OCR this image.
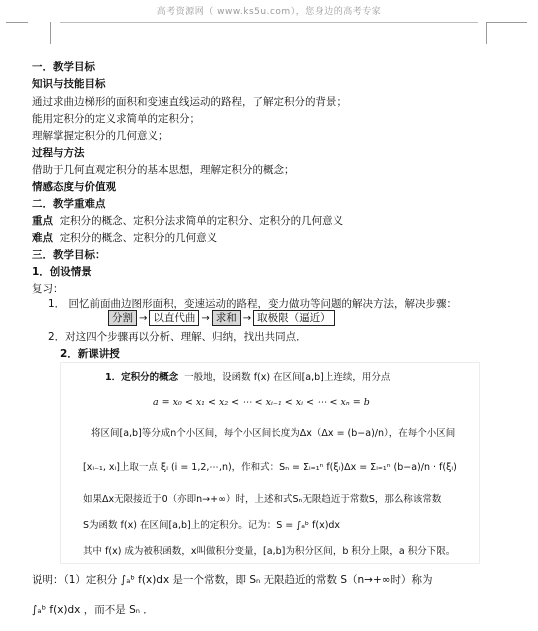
高考资源网（ www.ks5u.com），您身边的高考专家
一．教学目标
知识与技能目标
通过求曲边梯形的面积和变速直线运动的路程，了解定积分的背景；
能用定积分的定义求简单的定积分；
理解掌握定积分的几何意义；
过程与方法
借助于几何直观定积分的基本思想，理解定积分的概念；
情感态度与价值观
二．教学重难点
重点 定积分的概念、定积分法求简单的定积分、定积分的几何意义
难点 定积分的概念、定积分的几何意义
三．教学目标：
1．创设情景
复习：
1． 回忆前面曲边图形面积，变速运动的路程，变力做功等问题的解决方法，解决步骤：
分割 → 以直代曲 → 求和 → 取极限（逼近）
2．对这四个步骤再以分析、理解、归纳，找出共同点．
2．新课讲授
1．定积分的概念 一般地，设函数 f(x) 在区间[a,b]上连续，用分点
a = x₀ < x₁ < x₂ < ⋯ < xᵢ₋₁ < xᵢ < ⋯ < xₙ = b
将区间[a,b]等分成n个小区间，每个小区间长度为Δx（Δx = (b−a)/n），在每个小区间
[xᵢ₋₁, xᵢ]上取一点 ξᵢ (i = 1,2,⋯,n)，作和式：Sₙ = Σᵢ₌₁ⁿ f(ξᵢ)Δx = Σᵢ₌₁ⁿ (b−a)/n · f(ξᵢ)
如果Δx无限接近于0（亦即n→+∞）时，上述和式Sₙ无限趋近于常数S，那么称该常数
S为函数 f(x) 在区间[a,b]上的定积分。记为：S = ∫ₐᵇ f(x)dx
其中 f(x) 成为被积函数，x叫做积分变量，[a,b]为积分区间，b 积分上限，a 积分下限。
说明：（1）定积分 ∫ₐᵇ f(x)dx 是一个常数，即 Sₙ 无限趋近的常数 S（n→+∞时）称为
∫ₐᵇ f(x)dx ，而不是 Sₙ ．
